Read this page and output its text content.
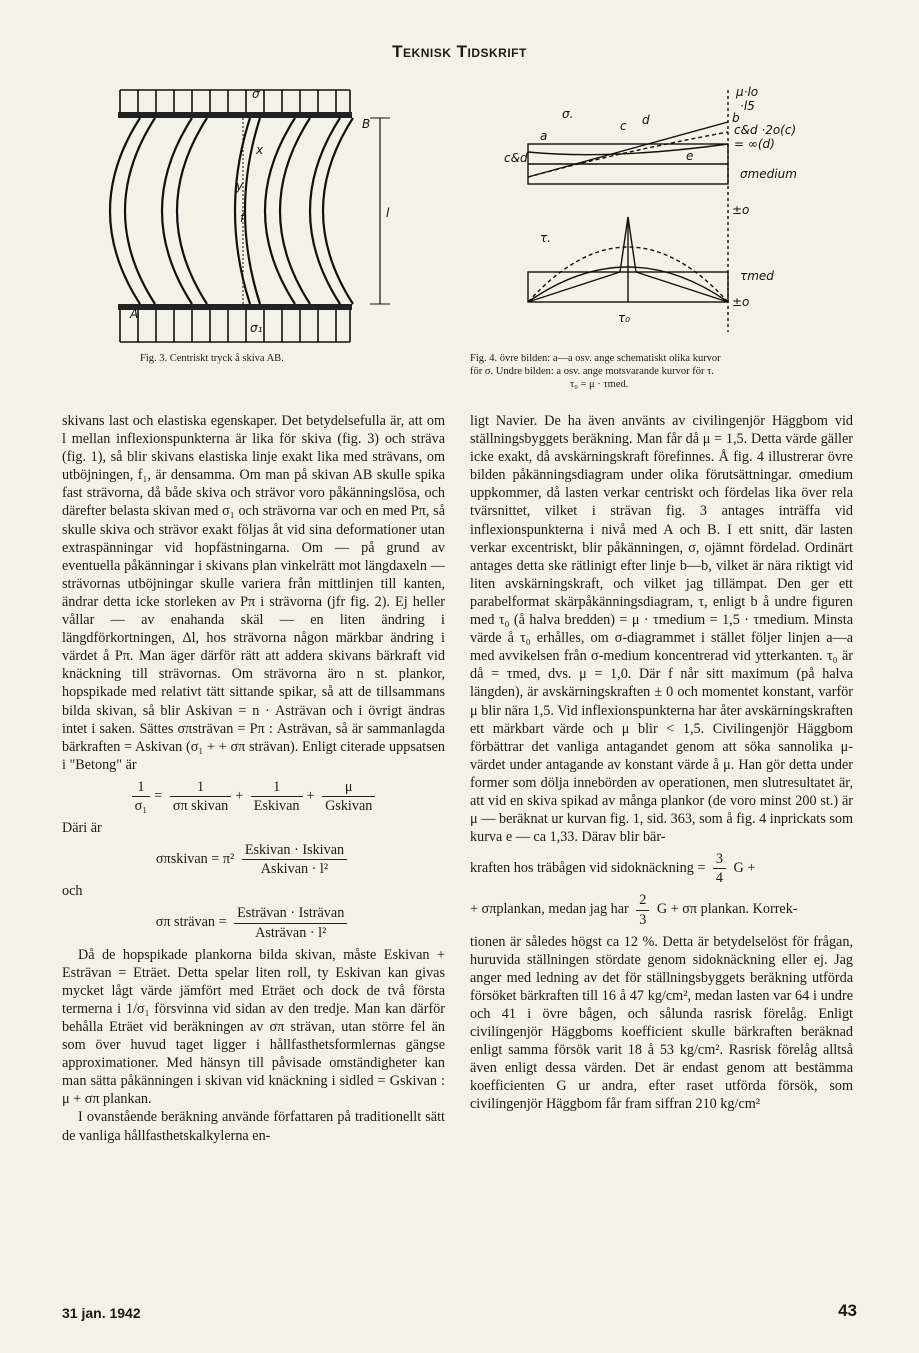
Teknisk Tidskrift
σ
B
A
l
x
y
f
σ₁
Fig. 3. Centriskt tryck å skiva AB.
μ·lo
σ.
c d
a
b
e
c&d
·l5
c&d ·2o(c)
= ∞(d)
σmedium
±o
τ.
τmed
±o
τ₀
Fig. 4. övre bilden: a—a osv. ange schematiskt olika kurvor
för σ. Undre bilden: a osv. ange motsvarande kurvor för τ.
τ₀ = μ · τmed.

skivans last och elastiska egenskaper. Det betydelsefulla är, att om l mellan inflexionspunkterna är lika för skiva (fig. 3) och sträva (fig. 1), så blir skivans elastiska linje exakt lika med strävans, om utböjningen, f₁, är densamma. Om man på skivan AB skulle spika fast strävorna, då både skiva och strävor voro påkänningslösa, och därefter belasta skivan med σ₁ och strävorna var och en med Pπ, så skulle skiva och strävor exakt följas åt vid sina deformationer utan extraspänningar vid hopfästningarna. Om — på grund av eventuella påkänningar i skivans plan vinkelrätt mot längdaxeln — strävornas utböjningar skulle variera från mittlinjen till kanten, ändrar detta icke storleken av Pπ i strävorna (jfr fig. 2). Ej heller vållar — av enahanda skäl — en liten ändring i längdförkortningen, Δl, hos strävorna någon märkbar ändring i värdet å Pπ. Man äger därför rätt att addera skivans bärkraft vid knäckning till strävornas. Om strävorna äro n st. plankor, hopspikade med relativt tätt sittande spikar, så att de tillsammans bilda skivan, så blir Askivan = n · Asträvan och i övrigt ändras intet i saken. Sättes σπsträvan = Pπ : Asträvan, så är sammanlagda bärkraften = Askivan (σ₁ + + σπ strävan). Enligt citerade uppsatsen i "Betong" är

$\frac{1}{\text{σ₁}} = \frac{1}{\text{σπ skivan}} + \frac{1}{\text{Eskivan}} + \frac{\mu}{\text{Gskivan}}$
Däri är
σπskivan = $\pi^2 \frac{\text{Eskivan · Iskivan}}{\text{Askivan · l²}}$
och
σπ strävan = $\frac{\text{Esträvan · Isträvan}}{\text{Asträvan · l²}}$

Då de hopspikade plankorna bilda skivan, måste Eskivan + Esträvan = Eträet. Detta spelar liten roll, ty Eskivan kan givas mycket lågt värde jämfört med Eträet och dock de två första termerna i 1/σ₁ försvinna vid sidan av den tredje. Man kan därför behålla Eträet vid beräkningen av σπ strävan, utan större fel än som över huvud taget ligger i hållfasthetsformlernas gängse approximationer. Med hänsyn till påvisade omständigheter kan man sätta påkänningen i skivan vid knäckning i sidled = Gskivan : μ + σπ plankan.

I ovanstående beräkning använde författaren på traditionellt sätt de vanliga hållfasthetskalkylerna en-

ligt Navier. De ha även använts av civilingenjör Häggbom vid ställningsbyggets beräkning. Man får då μ = 1,5. Detta värde gäller icke exakt, då avskärningskraft förefinnes. Å fig. 4 illustrerar övre bilden påkänningsdiagram under olika förutsättningar. σmedium uppkommer, då lasten verkar centriskt och fördelas lika över rela tvärsnittet, vilket i strävan fig. 3 antages inträffa vid inflexionspunkterna i nivå med A och B. I ett snitt, där lasten verkar excentriskt, blir påkänningen, σ, ojämnt fördelad. Ordinärt antages detta ske rätlinigt efter linje b—b, vilket är nära riktigt vid liten avskärningskraft, och vilket jag tillämpat. Den ger ett parabelformat skärpåkänningsdiagram, τ, enligt b å undre figuren med τ₀ (å halva bredden) = μ · τmedium = 1,5 · τmedium. Minsta värde å τ₀ erhålles, om σ-diagrammet i stället följer linjen a—a med avvikelsen från σ-medium koncentrerad vid ytterkanten. τ₀ är då = τmed, dvs. μ = 1,0. Där f når sitt maximum (på halva längden), är avskärningskraften ± 0 och momentet konstant, varför μ blir nära 1,5. Vid inflexionspunkterna har åter avskärningskraften ett märkbart värde och μ blir < 1,5. Civilingenjör Häggbom förbättrar det vanliga antagandet genom att söka sannolika μ-värdet under antagande av konstant värde å μ. Han gör detta under former som dölja innebörden av operationen, men slutresultatet är, att vid en skiva spikad av många plankor (de voro minst 200 st.) är μ — beräknat ur kurvan fig. 1, sid. 363, som å fig. 4 inprickats som kurva e — ca 1,33. Därav blir bär-

kraften hos träbågen vid sidoknäckning = $\frac{3}{4}$ G +
+ σπplankan, medan jag har $\frac{2}{3}$ G + σπ plankan. Korrek-

tionen är således högst ca 12 %. Detta är betydelselöst för frågan, huruvida ställningen stördate genom sidoknäckning eller ej. Jag anger med ledning av det för ställningsbyggets beräkning utförda försöket bärkraften till 16 å 47 kg/cm², medan lasten var 64 i undre och 41 i övre bågen, och sålunda rasrisk förelåg. Enligt civilingenjör Häggboms koefficient skulle bärkraften beräknad enligt samma försök varit 18 å 53 kg/cm². Rasrisk förelåg alltså även enligt dessa värden. Det är endast genom att bestämma koefficienten G ur andra, efter raset utförda försök, som civilingenjör Häggbom får fram siffran 210 kg/cm²

31 jan. 1942	43
